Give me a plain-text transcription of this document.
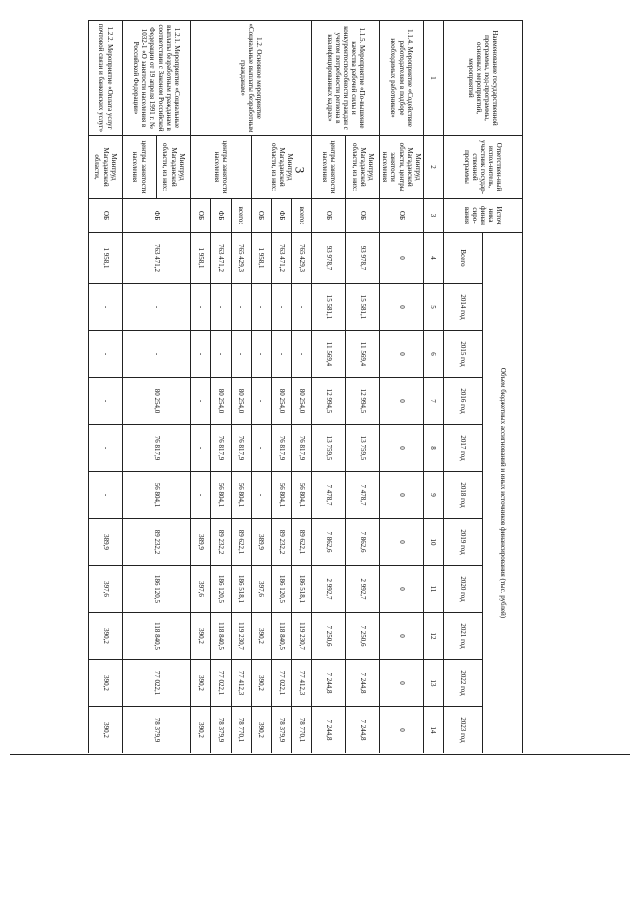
3
Наименование государственной программы, под-программы, основных мероприятий, мероприятий	Ответствен-ный испол-нитель, участник государ-ственной программы	Источ ника финан сиро-вания	Объем бюджетных ассигнований и иных источников финансирования (тыс. рублей)										
			Всего	2014 год	2015 год	2016 год	2017 год	2018 год	2019 год	2020 год	2021 год	2022 год	2023 год
1	2	3	4	5	6	7	8	9	10	11	12	13	14
1.1.4. Мероприятие «Содействие работодателям в подборе необходимых работников»	Минтруд Магаданской области, центры занятости населения	ОБ	0	0	0	0	0	0	0	0	0	0	0
1.1.5. Мероприятие «По-вышение качества рабочей силы и конкурентоспособности граждан с учетом потребности региона в квалифицированных кадрах»	Минтруд Магаданской области, из них:	ОБ	93 978,7	15 581,1	11 569,4	12 994,5	13 759,5	7 478,7	7 862,6	2 992,7	7 250,6	7 244,8	7 244,8
	центры занятости населения	ОБ	93 978,7	15 581,1	11 569,4	12 994,5	13 759,5	7 478,7	7 862,6	2 992,7	7 250,6	7 244,8	7 244,8
1.2. Основное мероприятие «Социальные выплаты безработным гражданам»	Минтруд Магаданской области, из них:	всего:	765 429,3	-	-	80 254,0	76 817,9	56 804,1	89 622,1	186 518,1	119 230,7	77 412,3	78 770,1
		ФБ	763 471,2	-	-	80 254,0	76 817,9	56 804,1	89 232,2	186 120,5	118 840,5	77 022,1	78 379,9
		ОБ	1 958,1	-	-	-	-	-	389,9	397,6	390,2	390,2	390,2
	центры занятости населения	всего:	765 429,3	-	-	80 254,0	76 817,9	56 804,1	89 622,1	186 518,1	119 230,7	77 412,3	78 770,1
		ФБ	763 471,2	-	-	80 254,0	76 817,9	56 804,1	89 232,2	186 120,5	118 840,5	77 022,1	78 379,9
		ОБ	1 958,1	-	-	-	-	-	389,9	397,6	390,2	390,2	390,2
1.2.1. Мероприятие «Социальные выплаты безработным гражданам в соответствии с Законом Российской Федерации от 19 апреля 1991 г. № 1032-1 «О занятости населения в Российской Федерации»	Минтруд Магаданской области, из них:	ФБ	763 471,2	-	-	80 254,0	76 817,9	56 804,1	89 232,2	186 120,5	118 840,5	77 022,1	78 379,9
	центры занятости населения												
1.2.2. Мероприятие «Оплата услуг почтовой связи и банковских услуг»	Минтруд Магаданской области,	ОБ	1 958,1	-	-	-	-	-	389,9	397,6	390,2	390,2	390,2
